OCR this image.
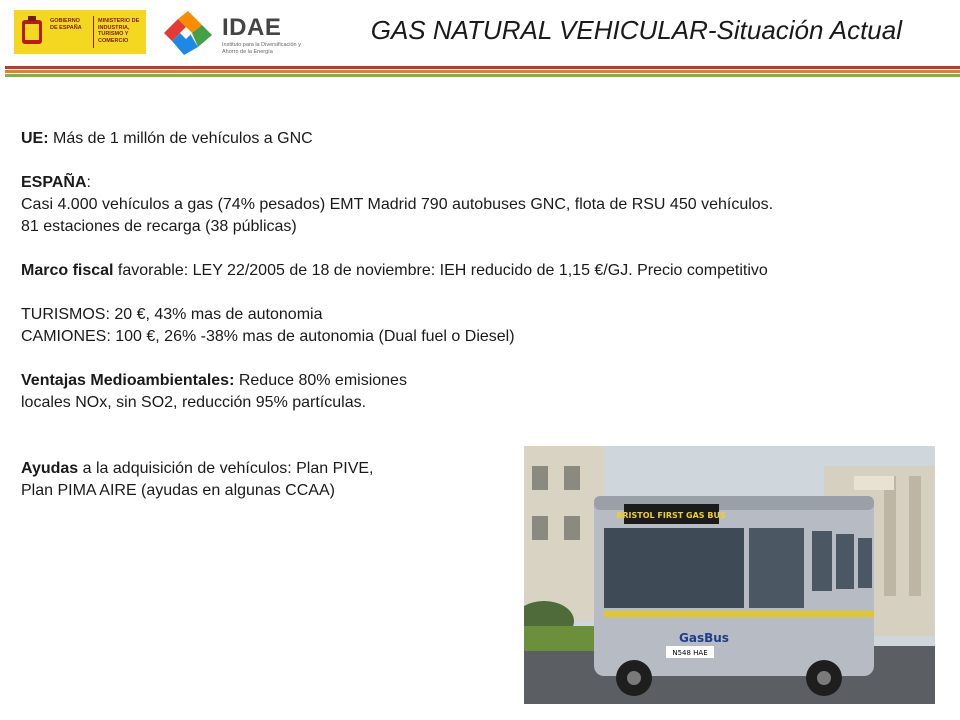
GOBIERNO DE ESPAÑA
MINISTERIO DE INDUSTRIA, TURISMO Y COMERCIO	IDAE
Instituto para la Diversificación y Ahorro de la Energía
GAS NATURAL VEHICULAR-Situación Actual

UE: Más de 1 millón de vehículos a GNC

ESPAÑA:

Casi 4.000 vehículos a gas (74% pesados) EMT Madrid 790 autobuses GNC, flota de RSU 450 vehículos.

81 estaciones de recarga (38 públicas)

Marco fiscal favorable: LEY 22/2005 de 18 de noviembre: IEH reducido de 1,15 €/GJ. Precio competitivo

TURISMOS: 20 €, 43% mas de autonomia

CAMIONES: 100 €, 26% -38% mas de autonomia (Dual fuel o Diesel)

Ventajas Medioambientales: Reduce 80% emisiones

locales NOx, sin SO2, reducción 95% partículas.

Ayudas a la adquisición de vehículos: Plan PIVE,

Plan PIMA AIRE (ayudas en algunas CCAA)

BRISTOL FIRST GAS BUS
GasBus
N548 HAE
